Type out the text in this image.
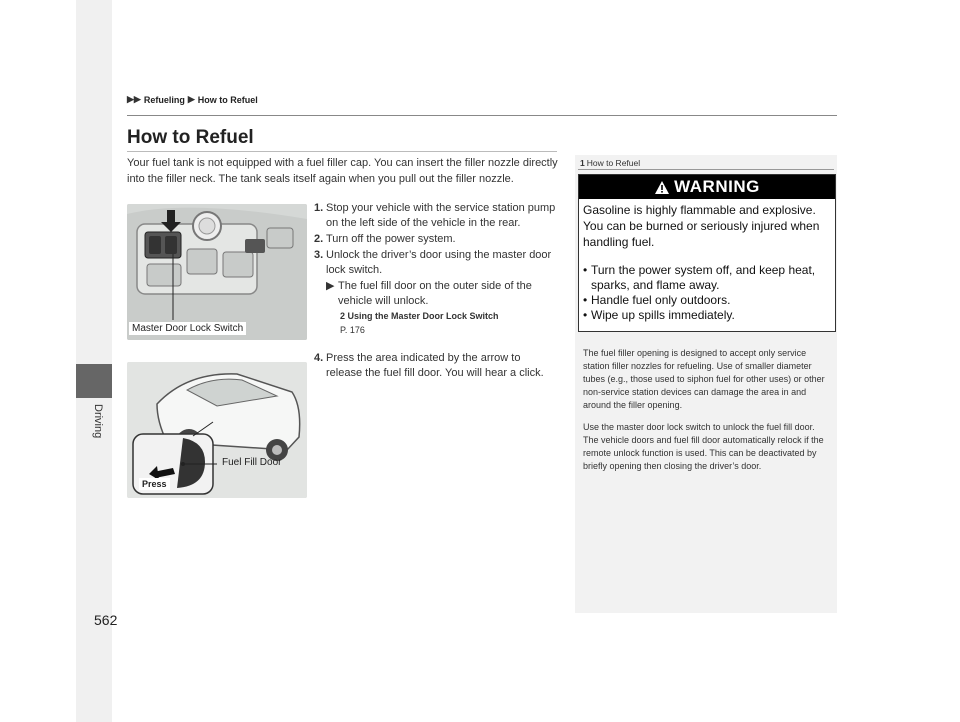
Driving
▶▶ Refueling ▶ How to Refuel
How to Refuel
Your fuel tank is not equipped with a fuel filler cap. You can insert the filler nozzle directly into the filler neck. The tank seals itself again when you pull out the filler nozzle.
Master Door Lock Switch
Fuel Fill Door
Press
1. Stop your vehicle with the service station pump on the left side of the vehicle in the rear.
2. Turn off the power system.
3. Unlock the driver’s door using the master door lock switch.
▶ The fuel fill door on the outer side of the vehicle will unlock.
2 Using the Master Door Lock Switch
P. 176
4. Press the area indicated by the arrow to release the fuel fill door. You will hear a click.
1 How to Refuel
WARNING
Gasoline is highly flammable and explosive. You can be burned or seriously injured when handling fuel.
• Turn the power system off, and keep heat, sparks, and flame away.
• Handle fuel only outdoors.
• Wipe up spills immediately.

The fuel filler opening is designed to accept only service station filler nozzles for refueling. Use of smaller diameter tubes (e.g., those used to siphon fuel for other uses) or other non-service station devices can damage the area in and around the filler opening.

Use the master door lock switch to unlock the fuel fill door.

The vehicle doors and fuel fill door automatically relock if the remote unlock function is used. This can be deactivated by briefly opening then closing the driver’s door.

562
